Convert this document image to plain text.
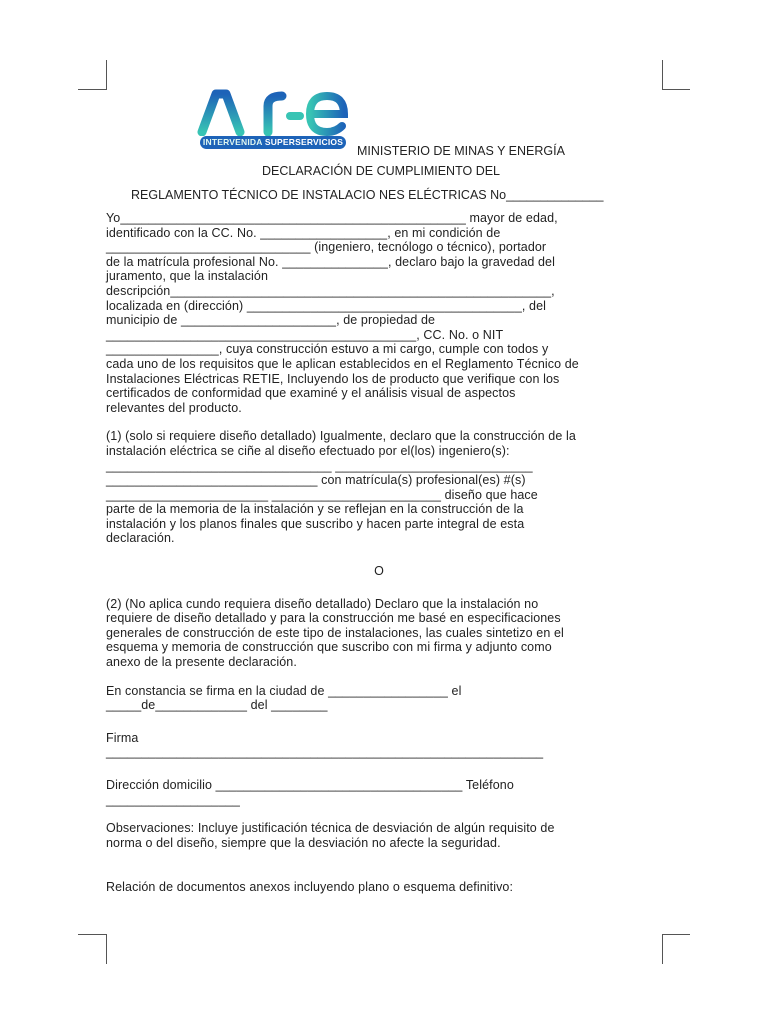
INTERVENIDA SUPERSERVICIOS
MINISTERIO DE MINAS Y ENERGÍA
DECLARACIÓN DE CUMPLIMIENTO DEL
REGLAMENTO TÉCNICO DE INSTALACIO NES ELÉCTRICAS No______________

Yo_________________________________________________ mayor de edad,

identificado con la CC. No. __________________, en mi condición de

_____________________________ (ingeniero, tecnólogo o técnico), portador

de la matrícula profesional No. _______________, declaro bajo la gravedad del

juramento, que la instalación

descripción______________________________________________________,

localizada en (dirección) _______________________________________, del

municipio de ______________________, de propiedad de

____________________________________________, CC. No. o NIT

________________, cuya construcción estuvo a mi cargo, cumple con todos y

cada uno de los requisitos que le aplican establecidos en el Reglamento Técnico de

Instalaciones Eléctricas RETIE, Incluyendo los de producto que verifique con los

certificados de conformidad que examiné y el análisis visual de aspectos

relevantes del producto.

(1) (solo si requiere diseño detallado) Igualmente, declaro que la construcción de la

instalación eléctrica se ciñe al diseño efectuado por el(los) ingeniero(s):

________________________________ ____________________________

______________________________ con matrícula(s) profesional(es) #(s)

_______________________ ________________________ diseño que hace

parte de la memoria de la instalación y se reflejan en la construcción de la

instalación y los planos finales que suscribo y hacen parte integral de esta

declaración.

O

(2) (No aplica cundo requiera diseño detallado) Declaro que la instalación no

requiere de diseño detallado y para la construcción me basé en especificaciones

generales de construcción de este tipo de instalaciones, las cuales sintetizo en el

esquema y memoria de construcción que suscribo con mi firma y adjunto como

anexo de la presente declaración.

En constancia se firma en la ciudad de _________________ el

_____de_____________ del ________

Firma

______________________________________________________________

Dirección domicilio ___________________________________ Teléfono

___________________

Observaciones: Incluye justificación técnica de desviación de algún requisito de

norma o del diseño, siempre que la desviación no afecte la seguridad.

Relación de documentos anexos incluyendo plano o esquema definitivo:
